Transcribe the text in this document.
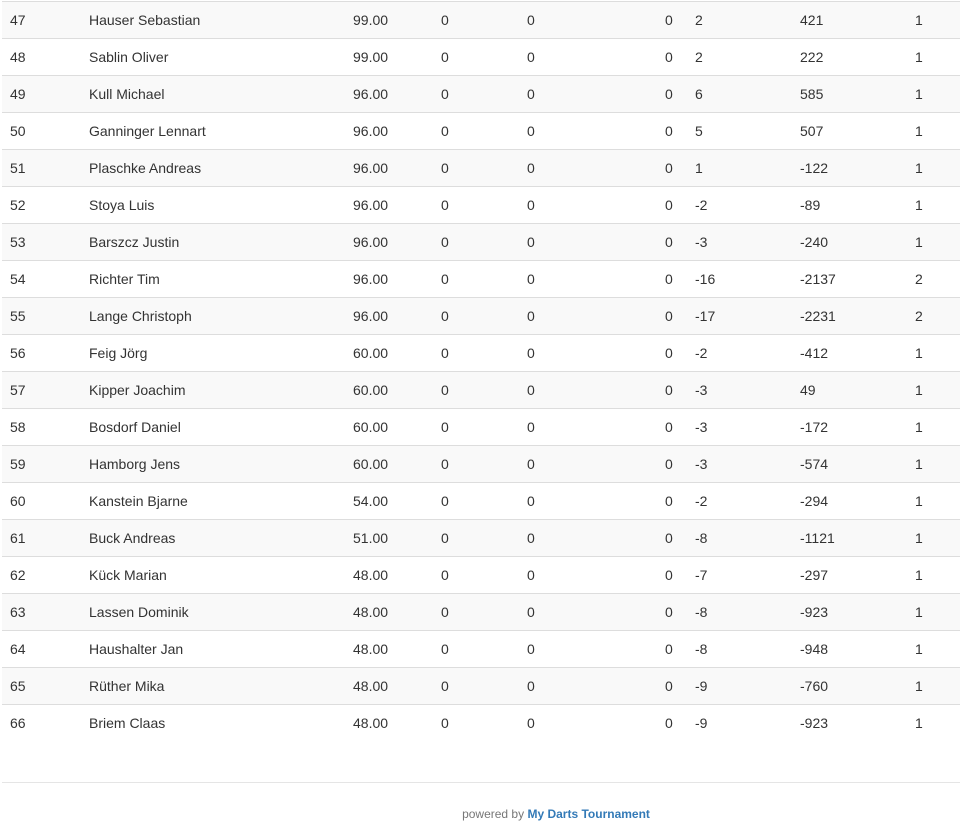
47	Hauser Sebastian	99.00	0	0	0	2	421	1
48	Sablin Oliver	99.00	0	0	0	2	222	1
49	Kull Michael	96.00	0	0	0	6	585	1
50	Ganninger Lennart	96.00	0	0	0	5	507	1
51	Plaschke Andreas	96.00	0	0	0	1	-122	1
52	Stoya Luis	96.00	0	0	0	-2	-89	1
53	Barszcz Justin	96.00	0	0	0	-3	-240	1
54	Richter Tim	96.00	0	0	0	-16	-2137	2
55	Lange Christoph	96.00	0	0	0	-17	-2231	2
56	Feig Jörg	60.00	0	0	0	-2	-412	1
57	Kipper Joachim	60.00	0	0	0	-3	49	1
58	Bosdorf Daniel	60.00	0	0	0	-3	-172	1
59	Hamborg Jens	60.00	0	0	0	-3	-574	1
60	Kanstein Bjarne	54.00	0	0	0	-2	-294	1
61	Buck Andreas	51.00	0	0	0	-8	-1121	1
62	Kück Marian	48.00	0	0	0	-7	-297	1
63	Lassen Dominik	48.00	0	0	0	-8	-923	1
64	Haushalter Jan	48.00	0	0	0	-8	-948	1
65	Rüther Mika	48.00	0	0	0	-9	-760	1
66	Briem Claas	48.00	0	0	0	-9	-923	1
powered by My Darts Tournament
